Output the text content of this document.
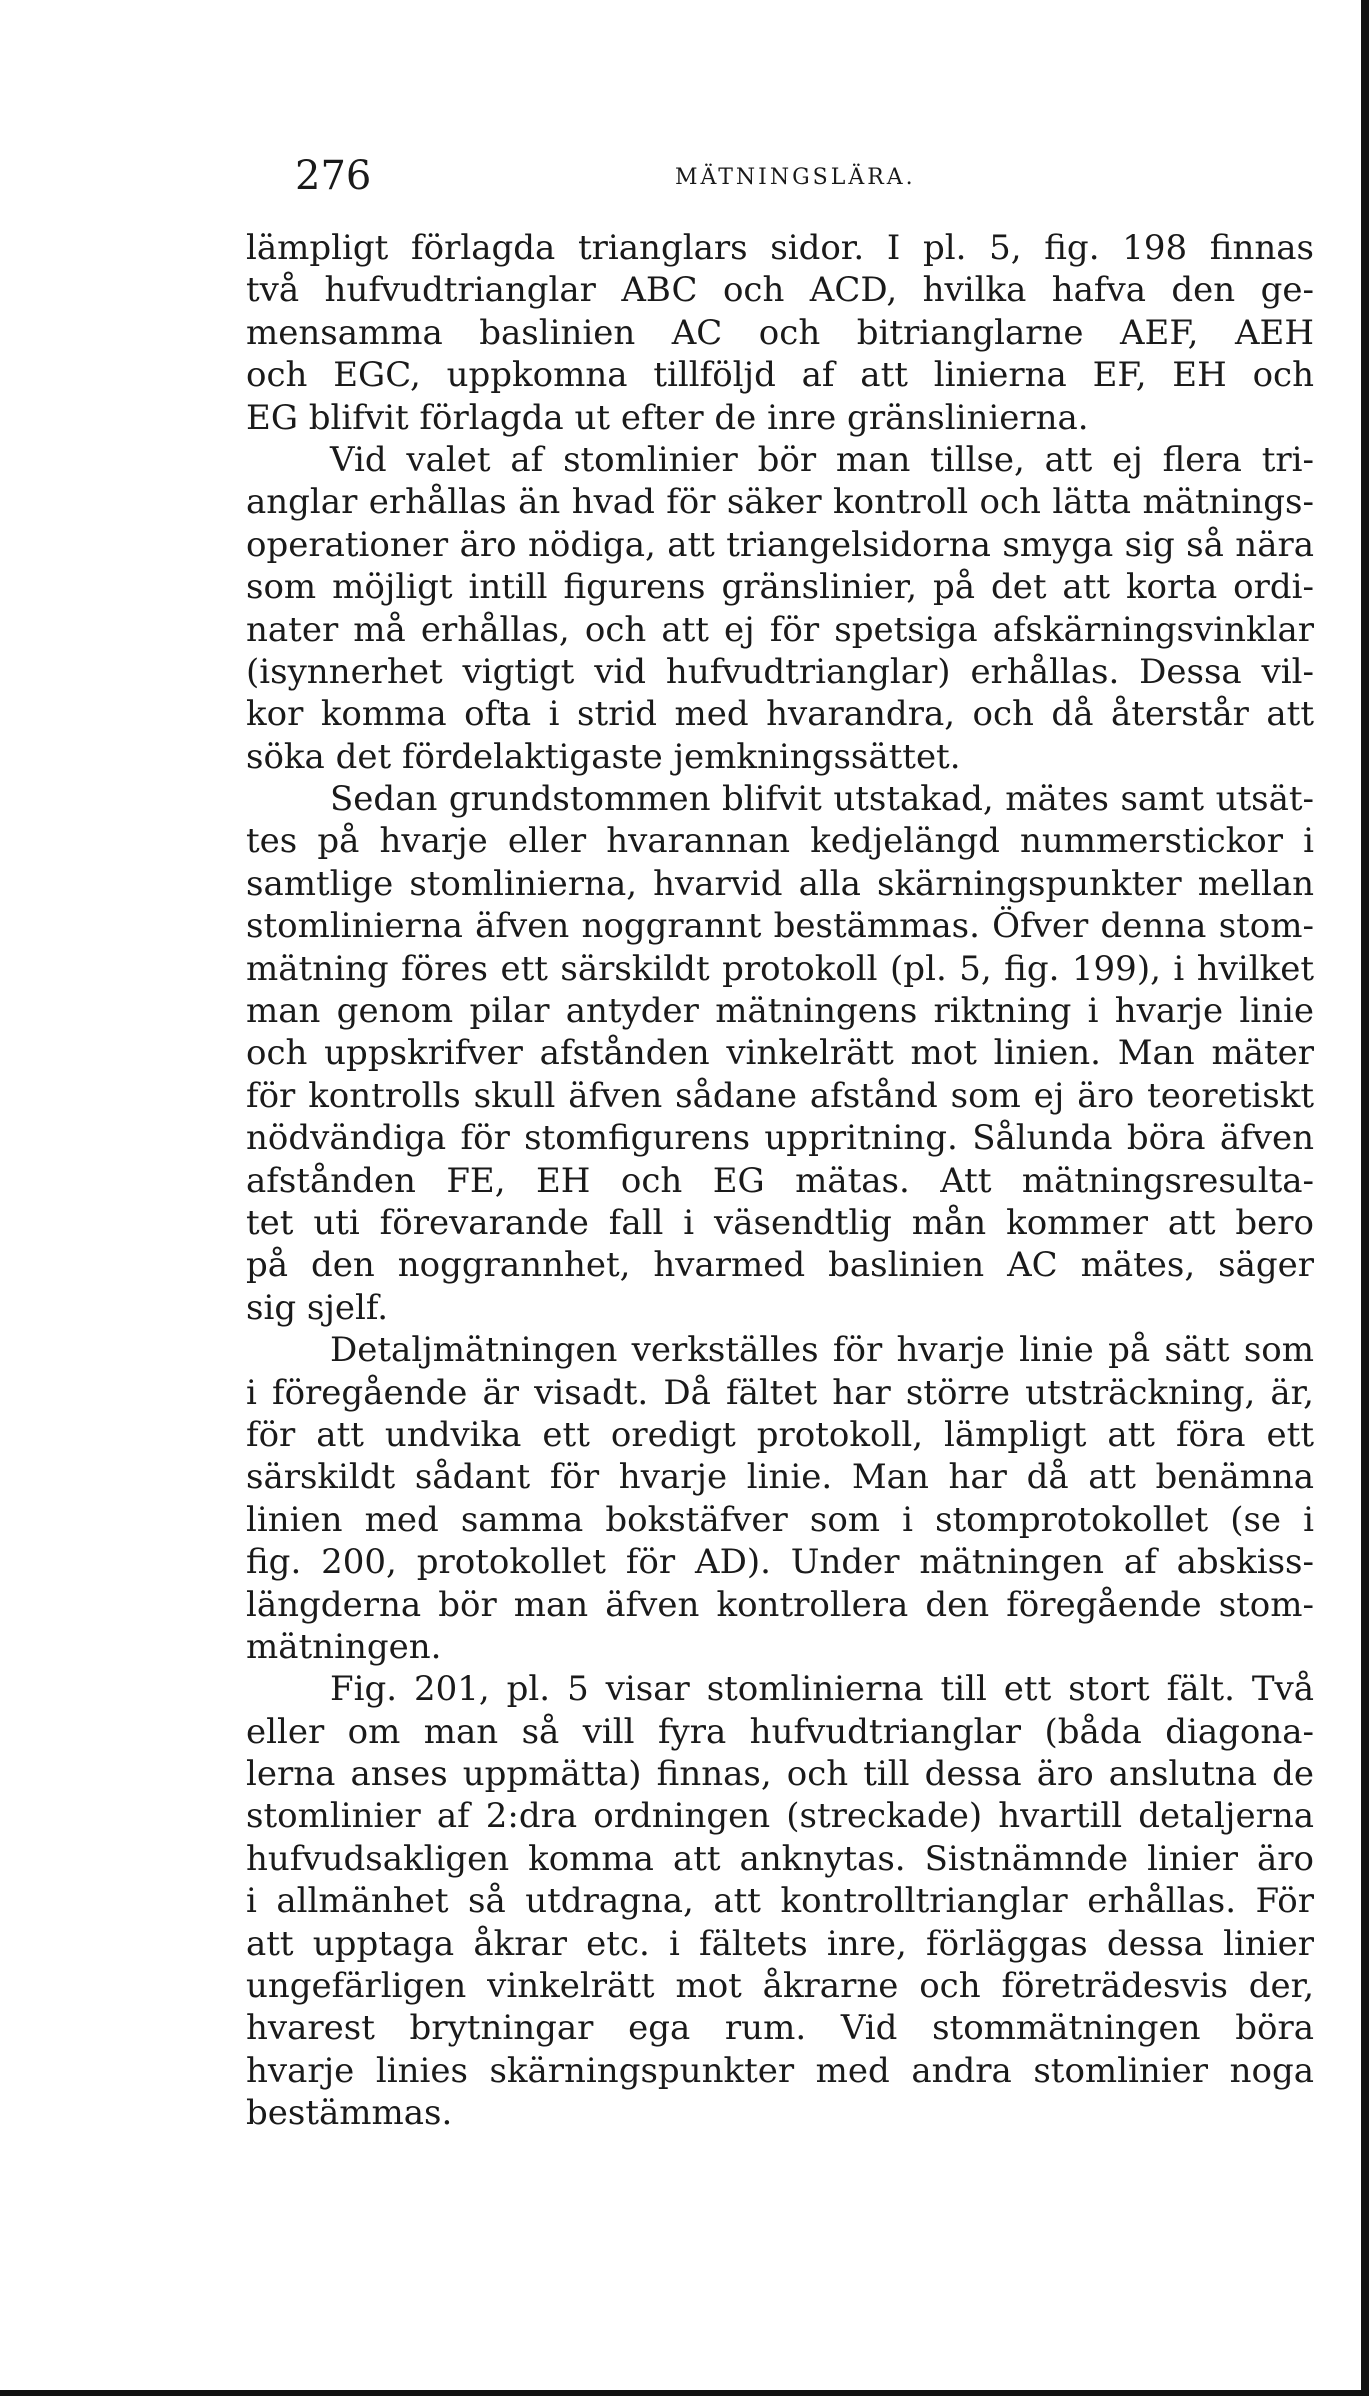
276	MÄTNINGSLÄRA.
lämpligt förlagda trianglars sidor. I pl. 5, fig. 198 finnas
två hufvudtrianglar ABC och ACD, hvilka hafva den ge-
mensamma baslinien AC och bitrianglarne AEF, AEH
och EGC, uppkomna tillföljd af att linierna EF, EH och
EG blifvit förlagda ut efter de inre gränslinierna.
Vid valet af stomlinier bör man tillse, att ej flera tri-
anglar erhållas än hvad för säker kontroll och lätta mätnings-
operationer äro nödiga, att triangelsidorna smyga sig så nära
som möjligt intill figurens gränslinier, på det att korta ordi-
nater må erhållas, och att ej för spetsiga afskärningsvinklar
(isynnerhet vigtigt vid hufvudtrianglar) erhållas. Dessa vil-
kor komma ofta i strid med hvarandra, och då återstår att
söka det fördelaktigaste jemkningssättet.
Sedan grundstommen blifvit utstakad, mätes samt utsät-
tes på hvarje eller hvarannan kedjelängd nummerstickor i
samtlige stomlinierna, hvarvid alla skärningspunkter mellan
stomlinierna äfven noggrannt bestämmas. Öfver denna stom-
mätning föres ett särskildt protokoll (pl. 5, fig. 199), i hvilket
man genom pilar antyder mätningens riktning i hvarje linie
och uppskrifver afstånden vinkelrätt mot linien. Man mäter
för kontrolls skull äfven sådane afstånd som ej äro teoretiskt
nödvändiga för stomfigurens uppritning. Sålunda böra äfven
afstånden FE, EH och EG mätas. Att mätningsresulta-
tet uti förevarande fall i väsendtlig mån kommer att bero
på den noggrannhet, hvarmed baslinien AC mätes, säger
sig sjelf.
Detaljmätningen verkställes för hvarje linie på sätt som
i föregående är visadt. Då fältet har större utsträckning, är,
för att undvika ett oredigt protokoll, lämpligt att föra ett
särskildt sådant för hvarje linie. Man har då att benämna
linien med samma bokstäfver som i stomprotokollet (se i
fig. 200, protokollet för AD). Under mätningen af abskiss-
längderna bör man äfven kontrollera den föregående stom-
mätningen.
Fig. 201, pl. 5 visar stomlinierna till ett stort fält. Två
eller om man så vill fyra hufvudtrianglar (båda diagona-
lerna anses uppmätta) finnas, och till dessa äro anslutna de
stomlinier af 2:dra ordningen (streckade) hvartill detaljerna
hufvudsakligen komma att anknytas. Sistnämnde linier äro
i allmänhet så utdragna, att kontrolltrianglar erhållas. För
att upptaga åkrar etc. i fältets inre, förläggas dessa linier
ungefärligen vinkelrätt mot åkrarne och företrädesvis der,
hvarest brytningar ega rum. Vid stommätningen böra
hvarje linies skärningspunkter med andra stomlinier noga
bestämmas.
